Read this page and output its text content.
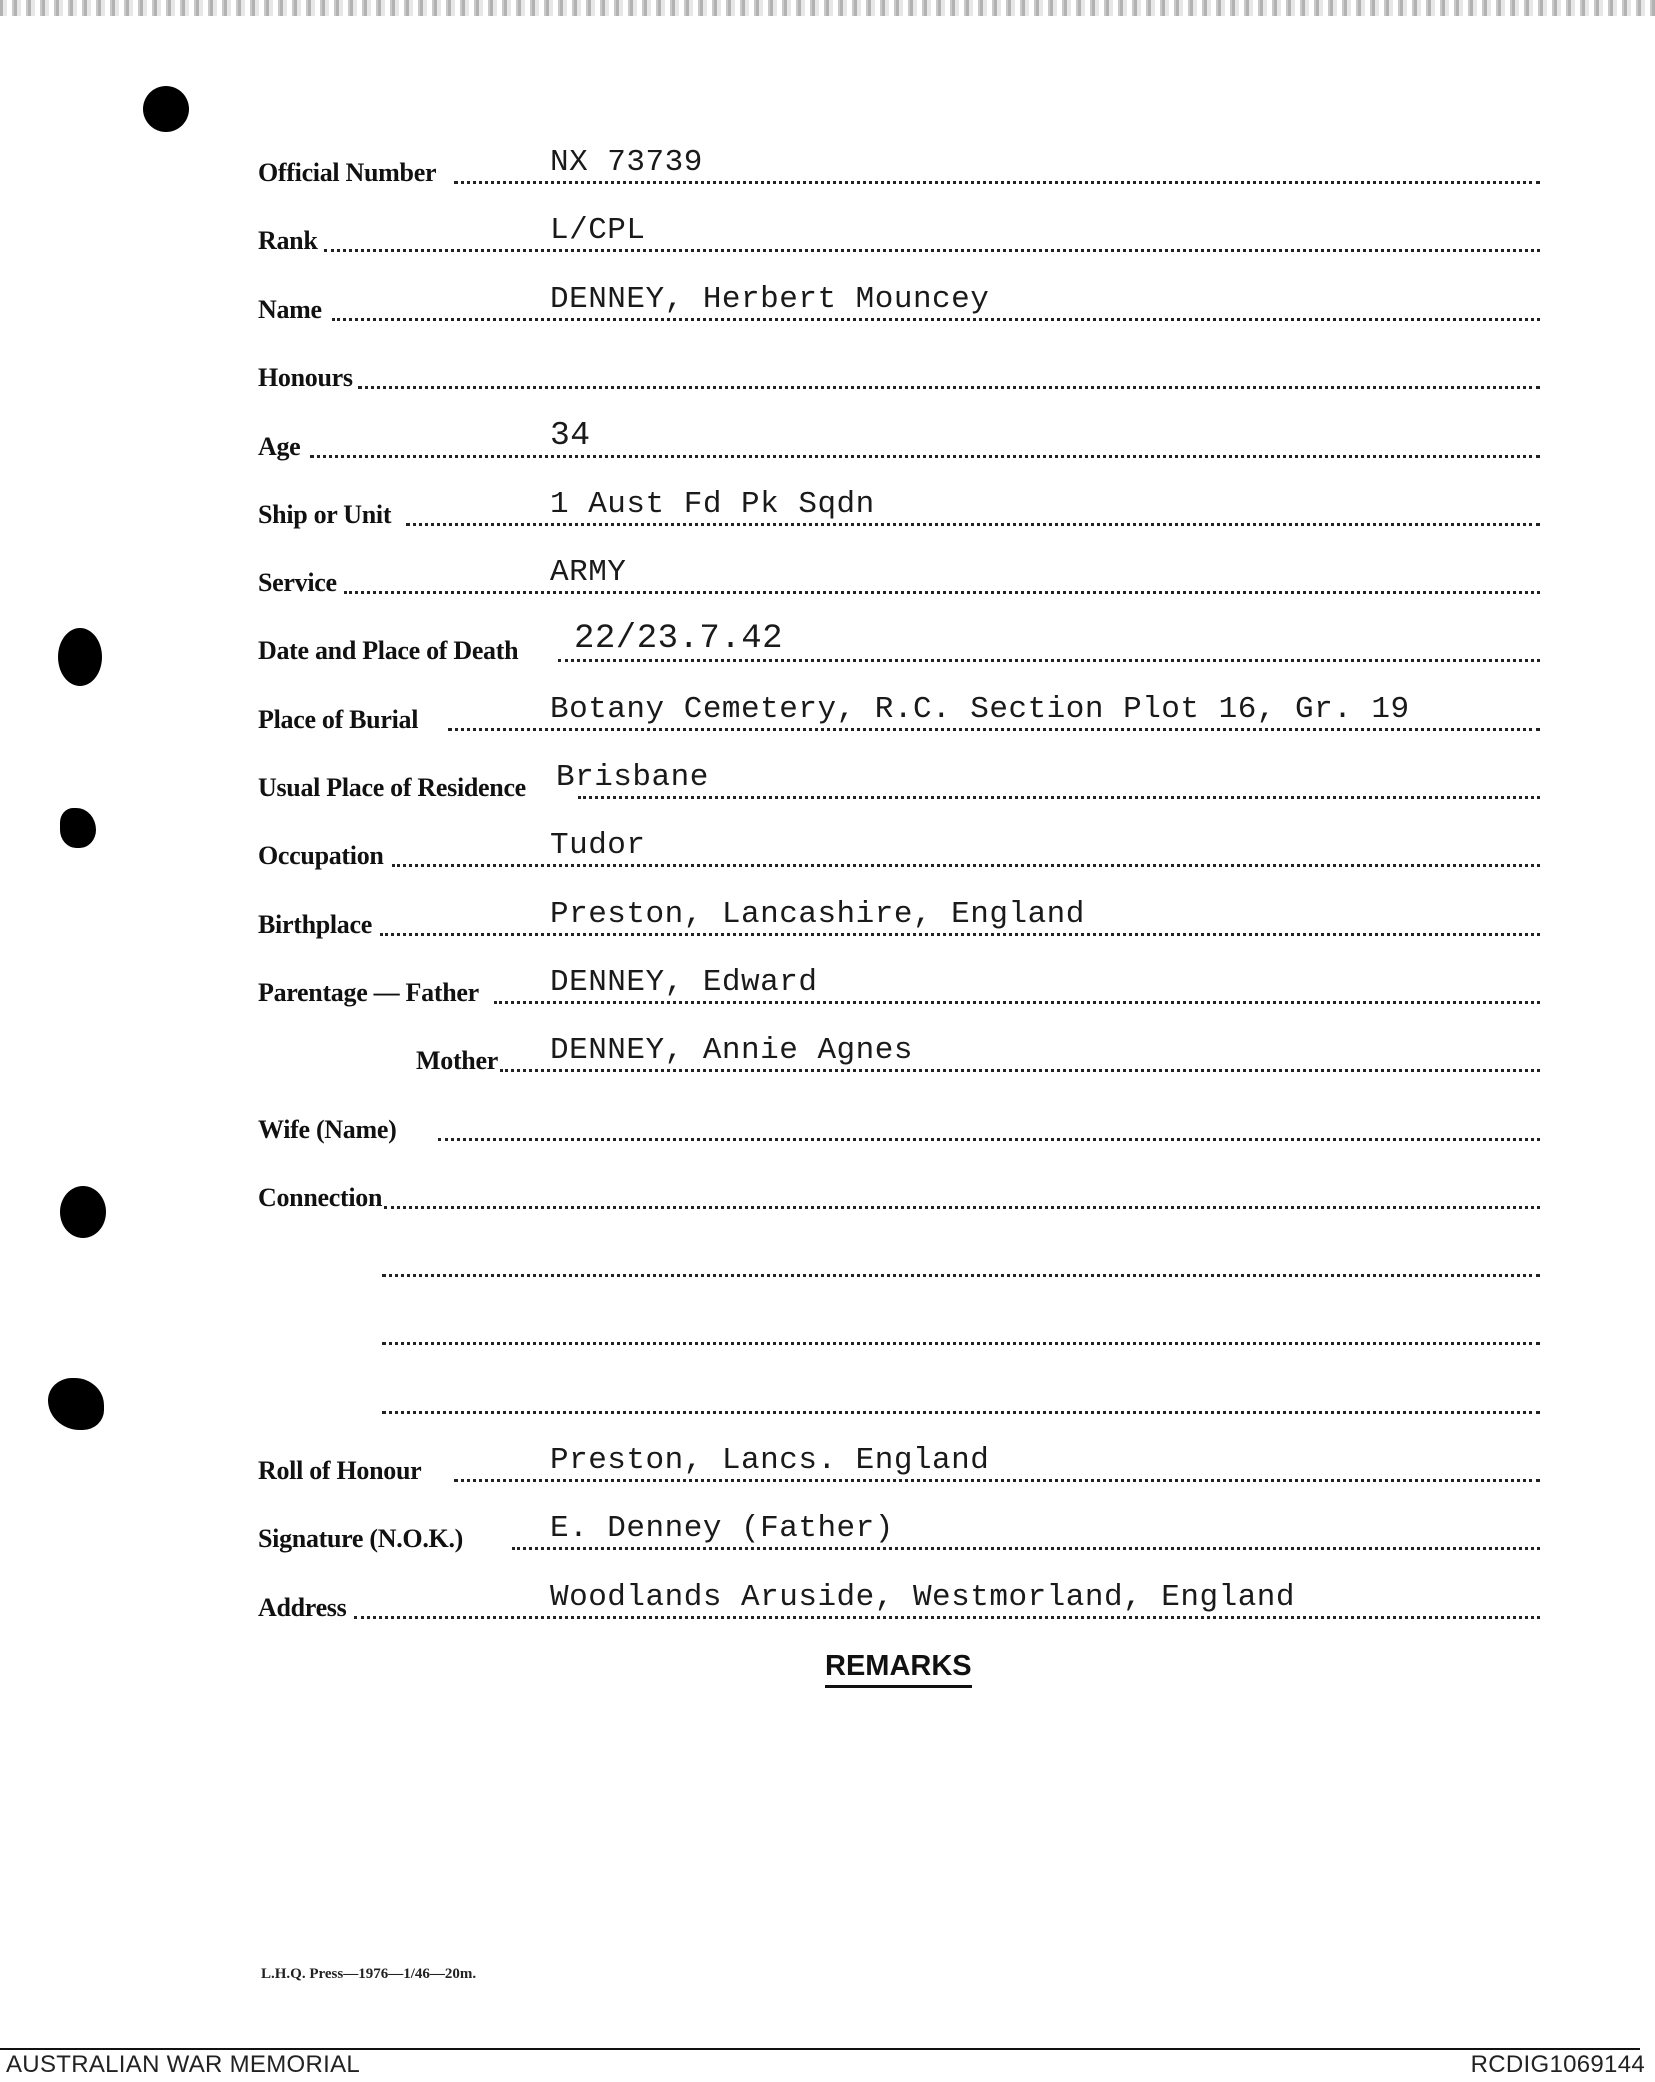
Official Number	NX 73739
Rank	L/CPL
Name	DENNEY, Herbert Mouncey
Honours
Age	34
Ship or Unit	1 Aust Fd Pk Sqdn
Service	ARMY
Date and Place of Death 22/23.7.42
Place of Burial	Botany Cemetery, R.C. Section Plot 16, Gr. 19
Usual Place of Residence Brisbane
Occupation	Tudor
Birthplace	Preston, Lancashire, England
Parentage — Father DENNEY, Edward
Mother DENNEY, Annie Agnes
Wife (Name)
Connection
Roll of Honour	Preston, Lancs. England
Signature (N.O.K.)	E. Denney (Father)
Address	Woodlands Aruside, Westmorland, England
REMARKS
L.H.Q. Press—1976—1/46—20m.
AUSTRALIAN WAR MEMORIAL	RCDIG1069144
